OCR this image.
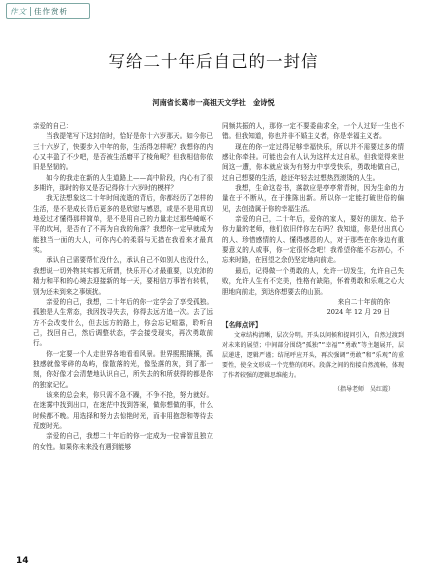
作文 佳作赏析
写给二十年后自己的一封信
河南省长葛市一高祖天文学社　金诗悦

亲爱的自己：

当我提笔写下这封信时，恰好是你十六岁那天。如今你已三十六岁了，快要步入中年的你，生活得怎样呢？我想你的内心又丰盈了不少吧，是否被生活磨平了棱角呢？但我相信你依旧是坚韧的。

如今的我走在新的人生道路上——高中阶段，内心有了很多期许，那时的你又是否记得你十六岁时的模样？

我无法想象这二十年时间流逝的背后，你都经历了怎样的生活，是不是成长背后更多的是欣慰与感恩，或是不是用真切地爱过才懂得那样简单，是不是用自己的力量走过那些崎岖不平的坎坷，是否有了不再为自我的角落？我想你一定早就成为能独当一面的大人，可你内心的柔弱与无措在我看来才最真实。

承认自己需要帮忙没什么，承认自己不如别人也没什么，我想说一切外物其实都无所谓，快乐开心才最重要，以充沛的精力和平和的心境去迎接新的每一天，要相信万事皆有转机，别为还未到来之事烦扰。

亲爱的自己，我想，二十年后的你一定学会了享受孤独。孤独是人生常态，我因找寻失去，你得去远方追一次。去了远方不会改变什么，但去远方的路上，你会忘记喧嚣，聆听自己，找回自己，然后调整状态，学会接受现实，再次勇敢前行。

你一定要一个人走世界各地看看风景。世界熙熙攘攘，孤独感就像零碎的岛屿，像散落的光，像坠落的灰，到了那一刻，你好像才会清楚地认识自己，所失去的和所获得的都是你的独家记忆。

该来的总会来，你只需不急不躁，不争不抢，努力就好。在迷雾中找到出口，在迷茫中找到答案，做你想做的事，什么时候都不晚。用选择和努力去惊艳时光，而非用抱怨和等待去荒废时光。

亲爱的自己，我想二十年后的你一定成为一位睿智且独立的女性。如果你未来没有遇到能够

同频共振的人，那你一定不要委曲求全，一个人过好一生也不错。但我知道，你也并非不婚主义者，你是幸福主义者。

现在的你一定过得足够幸福快乐，所以并不需要过多的情感让你牵挂。可能也会有人认为这样太过自私，但我觉得来世间这一遭，你本就应该为有努力中享受快乐，勇敢地做自己，过自己想要的生活，趁还年轻去过想热烈滚烫的人生。

我想，生命这卷书，落款应是亭亭常青树，因为生命的力量在于不断从，在于推陈出新。所以你一定能打破世俗的偏见，去创造属于你的幸福生活。

亲爱的自己，二十年后，爱你的家人，要好的朋友、给予你力量的老师，他们依旧伴你左右吗？我知道，你是付出真心的人、珍惜感情的人、懂得感恩的人，对于那些在你身边有重要意义的人或事，你一定很怀念吧！我希望你能不忘初心，不忘来时路，在回望之余仍坚定地向前走。

最后，记得做一个勇敢的人，允许一切发生，允许自己失败，允许人生有不完美，性格有缺陷，怀着勇敢和乐观之心大胆地向前走，到达你想要去的山顶。

来自二十年前的你

2024 年 12 月 29 日

【名师点评】

文章结构清晰，层次分明。开头以问候和提问引入，自然过渡到对未来的展望；中间部分围绕“孤独”“幸福”“勇敢”等主题展开，层层递进，逻辑严谨；结尾呼应开头，再次强调“勇敢”和“乐观”的重要性，使全文形成一个完整的闭环。段落之间的衔接自然流畅，体现了作者较强的逻辑思维能力。

（指导老师　吴红霞）
14
